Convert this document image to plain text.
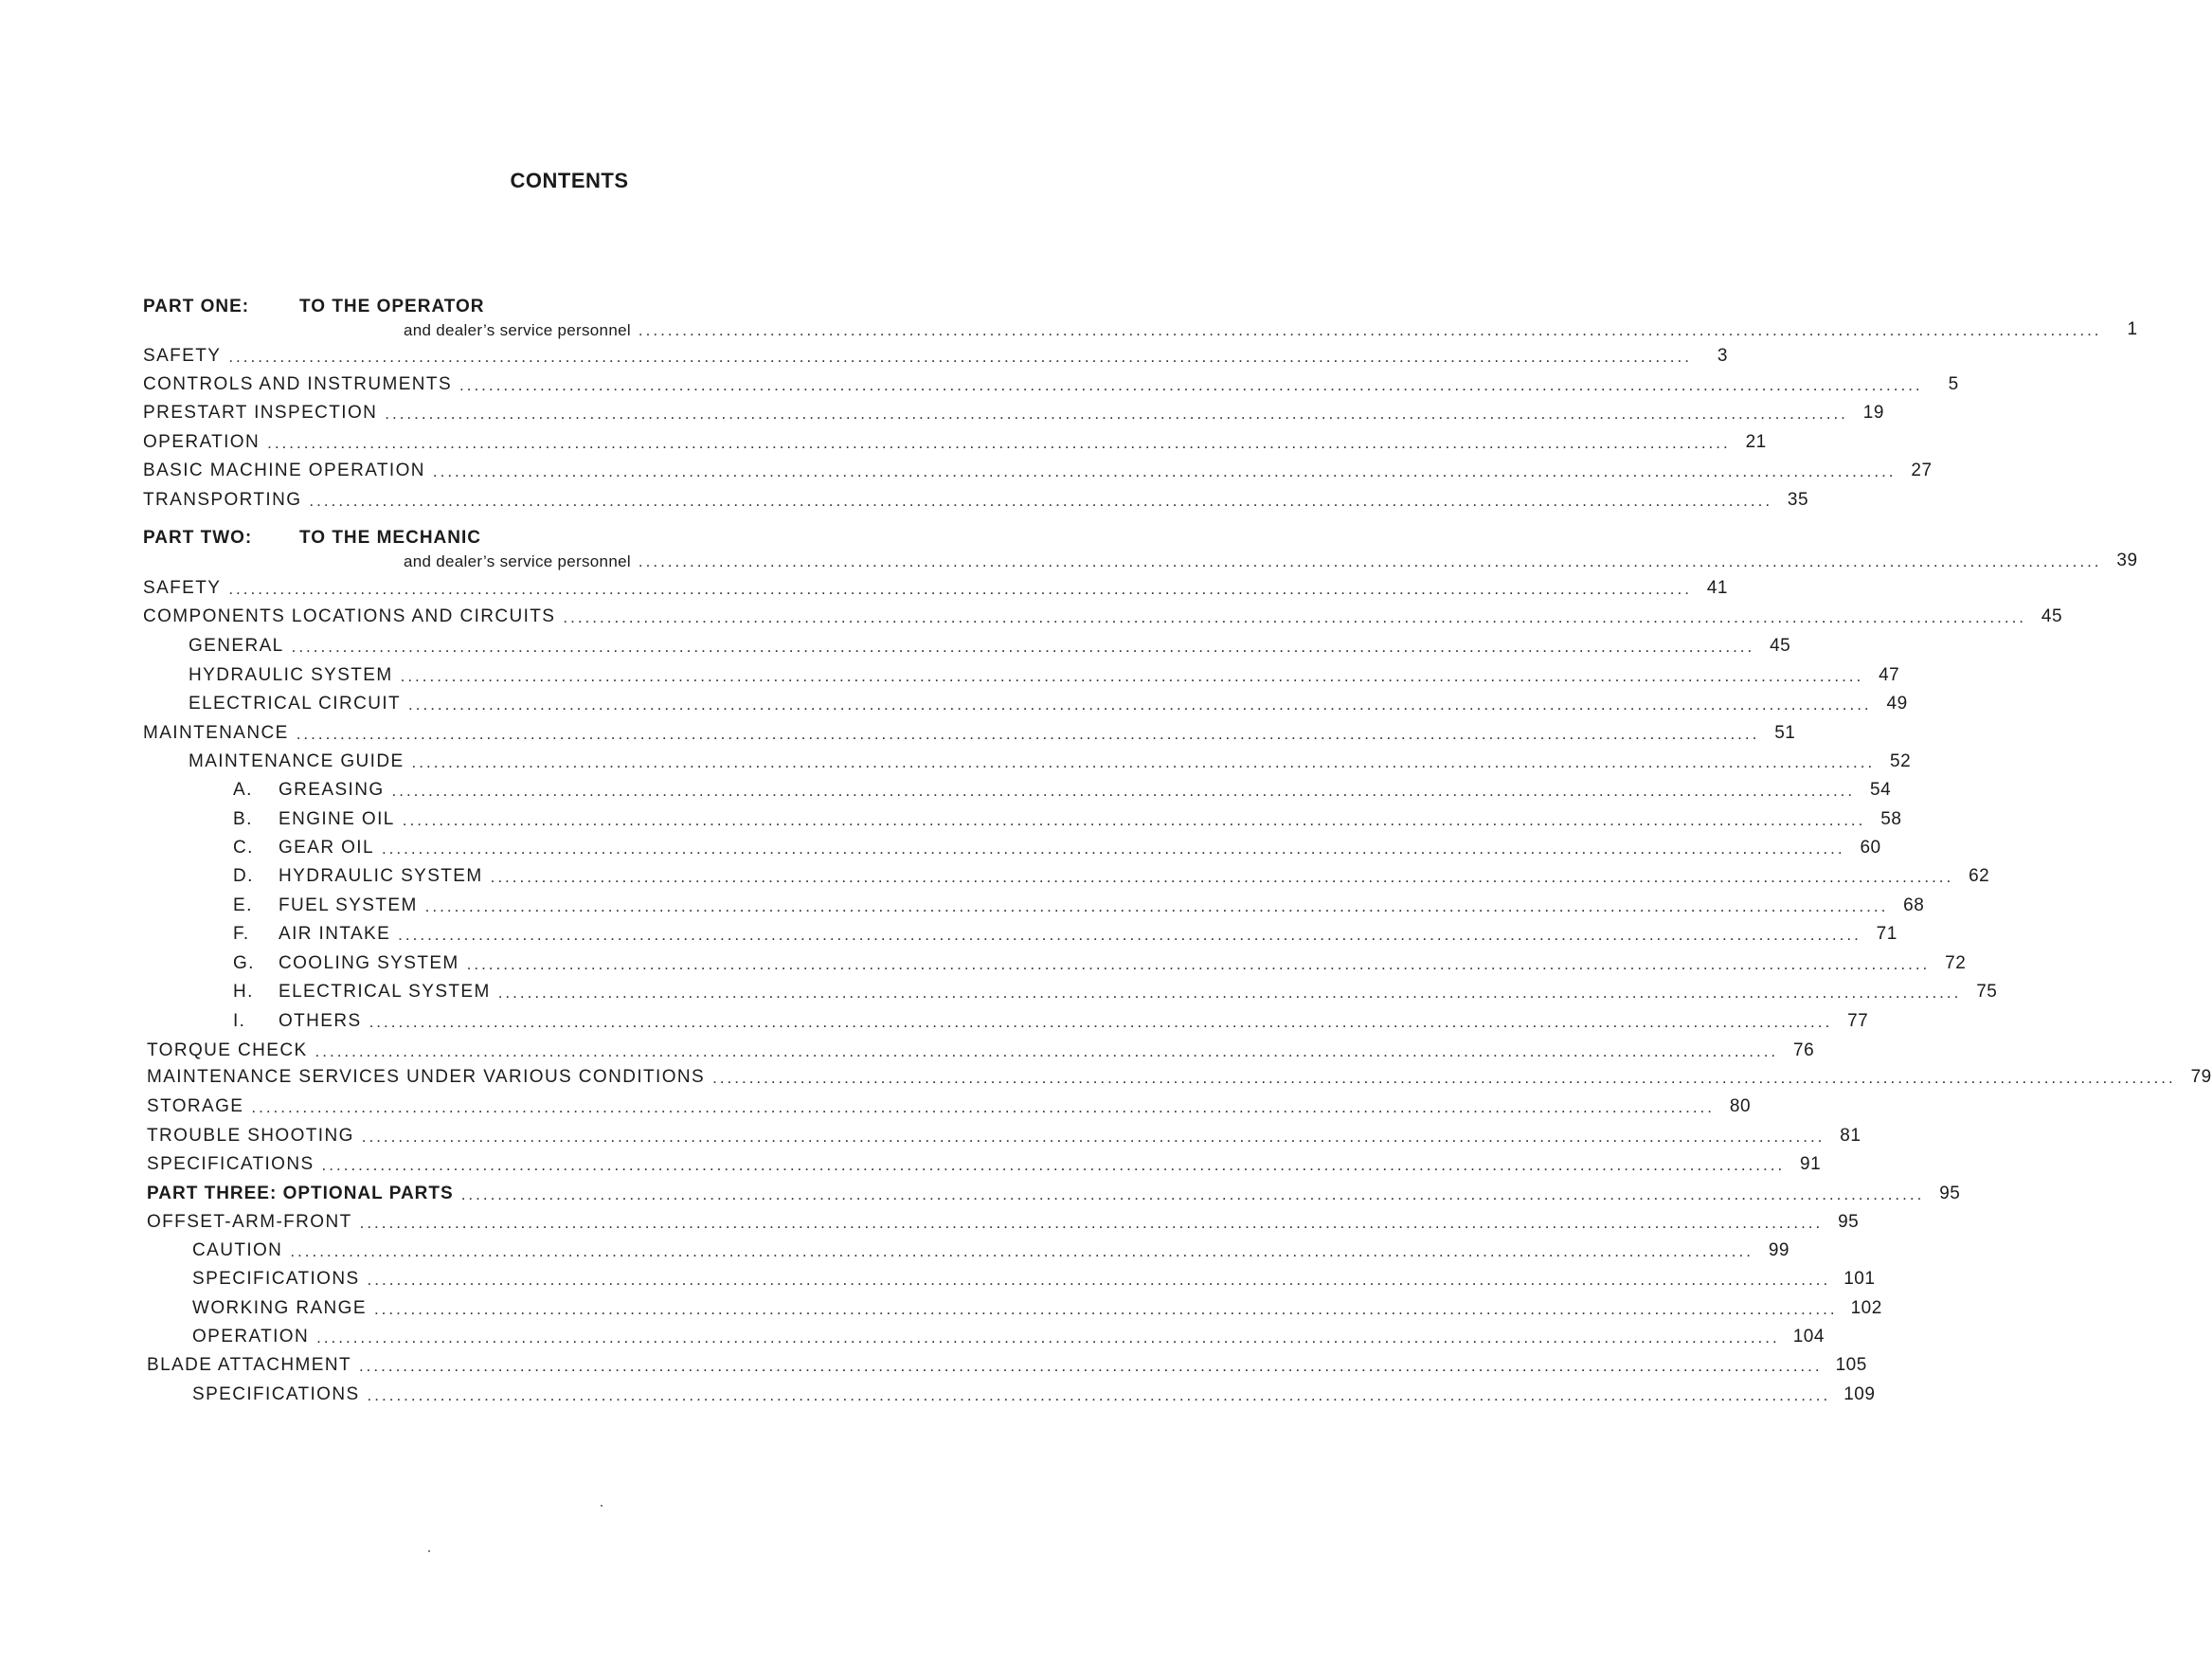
CONTENTS
PART ONE:	TO THE OPERATOR
and dealer’s service personnel ........................................................................................................................................................................................................	1
SAFETY ........................................................................................................................................................................................................	3
CONTROLS AND INSTRUMENTS ........................................................................................................................................................................................................	5
PRESTART INSPECTION ........................................................................................................................................................................................................ 19
OPERATION ........................................................................................................................................................................................................ 21
BASIC MACHINE OPERATION ........................................................................................................................................................................................................ 27
TRANSPORTING ........................................................................................................................................................................................................ 35
PART TWO:	TO THE MECHANIC
and dealer’s service personnel ........................................................................................................................................................................................................ 39
SAFETY ........................................................................................................................................................................................................ 41
COMPONENTS LOCATIONS AND CIRCUITS ........................................................................................................................................................................................................ 45
GENERAL ........................................................................................................................................................................................................ 45
HYDRAULIC SYSTEM ........................................................................................................................................................................................................ 47
ELECTRICAL CIRCUIT ........................................................................................................................................................................................................ 49
MAINTENANCE ........................................................................................................................................................................................................ 51
MAINTENANCE GUIDE ........................................................................................................................................................................................................ 52
A. GREASING ........................................................................................................................................................................................................ 54
B. ENGINE OIL ........................................................................................................................................................................................................ 58
C. GEAR OIL ........................................................................................................................................................................................................ 60
D. HYDRAULIC SYSTEM ........................................................................................................................................................................................................ 62
E. FUEL SYSTEM ........................................................................................................................................................................................................ 68
F. AIR INTAKE ........................................................................................................................................................................................................ 71
G. COOLING SYSTEM ........................................................................................................................................................................................................ 72
H. ELECTRICAL SYSTEM ........................................................................................................................................................................................................ 75
I. OTHERS ........................................................................................................................................................................................................ 77
TORQUE CHECK ........................................................................................................................................................................................................ 76
MAINTENANCE SERVICES UNDER VARIOUS CONDITIONS ........................................................................................................................................................................................................ 79
STORAGE ........................................................................................................................................................................................................ 80
TROUBLE SHOOTING ........................................................................................................................................................................................................ 81
SPECIFICATIONS ........................................................................................................................................................................................................ 91
PART THREE: OPTIONAL PARTS ........................................................................................................................................................................................................ 95
OFFSET-ARM-FRONT ........................................................................................................................................................................................................ 95
CAUTION ........................................................................................................................................................................................................ 99
SPECIFICATIONS ........................................................................................................................................................................................................ 101
WORKING RANGE ........................................................................................................................................................................................................ 102
OPERATION ........................................................................................................................................................................................................ 104
BLADE ATTACHMENT ........................................................................................................................................................................................................ 105
SPECIFICATIONS ........................................................................................................................................................................................................ 109
